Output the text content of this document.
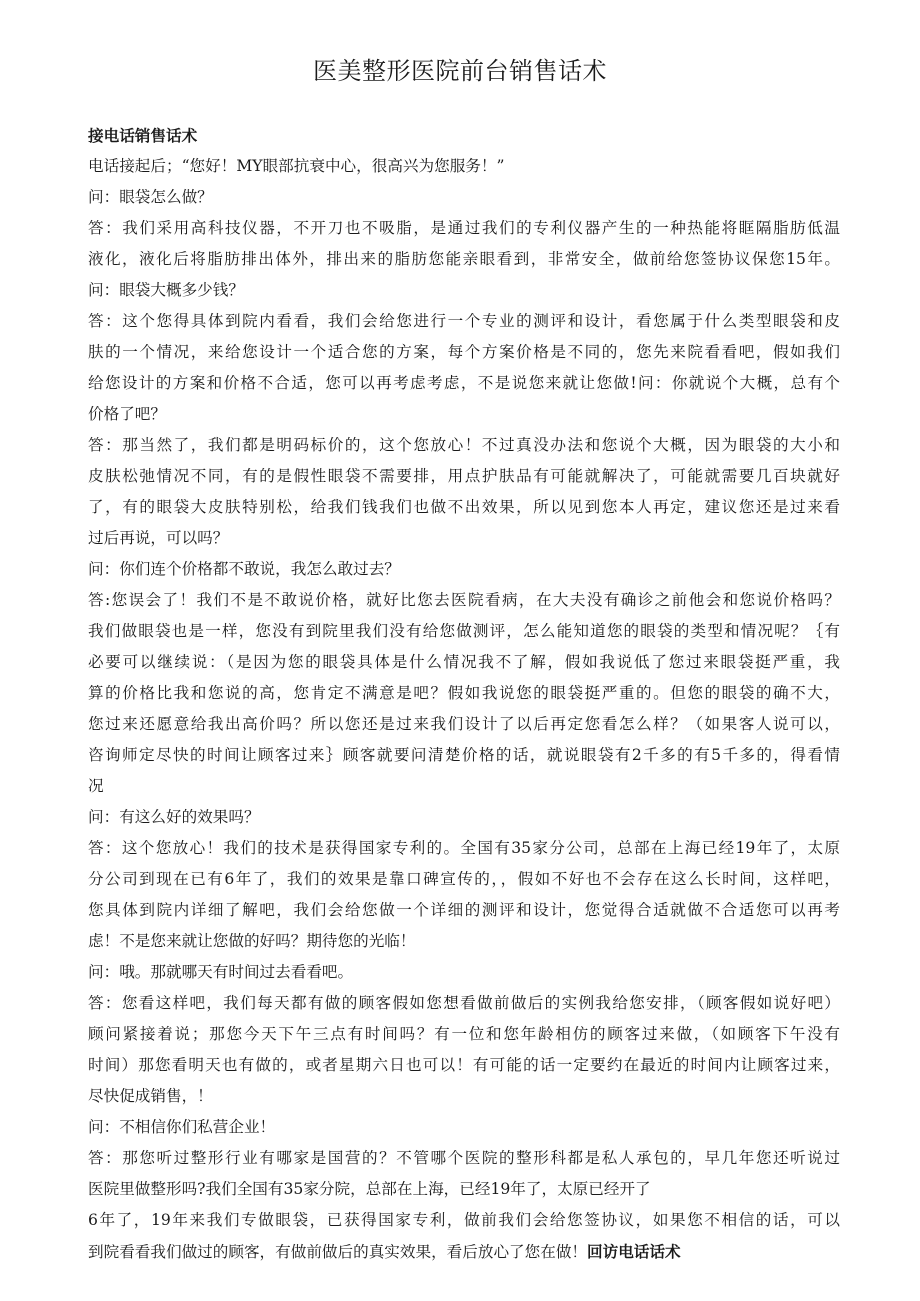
医美整形医院前台销售话术
接电话销售话术
电话接起后；“您好！MY眼部抗衰中心，很高兴为您服务！”
问：眼袋怎么做？
答：我们采用高科技仪器，不开刀也不吸脂，是通过我们的专利仪器产生的一种热能将眶隔脂肪低温
液化，液化后将脂肪排出体外，排出来的脂肪您能亲眼看到，非常安全，做前给您签协议保您15年。
问：眼袋大概多少钱？
答：这个您得具体到院内看看，我们会给您进行一个专业的测评和设计，看您属于什么类型眼袋和皮
肤的一个情况，来给您设计一个适合您的方案，每个方案价格是不同的，您先来院看看吧，假如我们
给您设计的方案和价格不合适，您可以再考虑考虑，不是说您来就让您做!问：你就说个大概，总有个
价格了吧？
答：那当然了，我们都是明码标价的，这个您放心！不过真没办法和您说个大概，因为眼袋的大小和
皮肤松弛情况不同，有的是假性眼袋不需要排，用点护肤品有可能就解决了，可能就需要几百块就好
了，有的眼袋大皮肤特别松，给我们钱我们也做不出效果，所以见到您本人再定，建议您还是过来看
过后再说，可以吗？
问：你们连个价格都不敢说，我怎么敢过去？
答:您误会了！我们不是不敢说价格，就好比您去医院看病，在大夫没有确诊之前他会和您说价格吗？
我们做眼袋也是一样，您没有到院里我们没有给您做测评，怎么能知道您的眼袋的类型和情况呢？｛有
必要可以继续说：（是因为您的眼袋具体是什么情况我不了解，假如我说低了您过来眼袋挺严重，我
算的价格比我和您说的高，您肯定不满意是吧？假如我说您的眼袋挺严重的。但您的眼袋的确不大，
您过来还愿意给我出高价吗？所以您还是过来我们设计了以后再定您看怎么样？（如果客人说可以，
咨询师定尽快的时间让顾客过来｝顾客就要问清楚价格的话，就说眼袋有2千多的有5千多的，得看情
况
问：有这么好的效果吗？
答：这个您放心！我们的技术是获得国家专利的。全国有35家分公司，总部在上海已经19年了，太原
分公司到现在已有6年了，我们的效果是靠口碑宣传的，，假如不好也不会存在这么长时间，这样吧，
您具体到院内详细了解吧，我们会给您做一个详细的测评和设计，您觉得合适就做不合适您可以再考
虑！不是您来就让您做的好吗？期待您的光临！
问：哦。那就哪天有时间过去看看吧。
答：您看这样吧，我们每天都有做的顾客假如您想看做前做后的实例我给您安排，（顾客假如说好吧）
顾问紧接着说；那您今天下午三点有时间吗？有一位和您年龄相仿的顾客过来做，（如顾客下午没有
时间）那您看明天也有做的，或者星期六日也可以！有可能的话一定要约在最近的时间内让顾客过来，
尽快促成销售，！
问：不相信你们私营企业！
答：那您听过整形行业有哪家是国营的？不管哪个医院的整形科都是私人承包的，早几年您还听说过
医院里做整形吗?我们全国有35家分院，总部在上海，已经19年了，太原已经开了
6年了，19年来我们专做眼袋，已获得国家专利，做前我们会给您签协议，如果您不相信的话，可以
到院看看我们做过的顾客，有做前做后的真实效果，看后放心了您在做！回访电话话术
